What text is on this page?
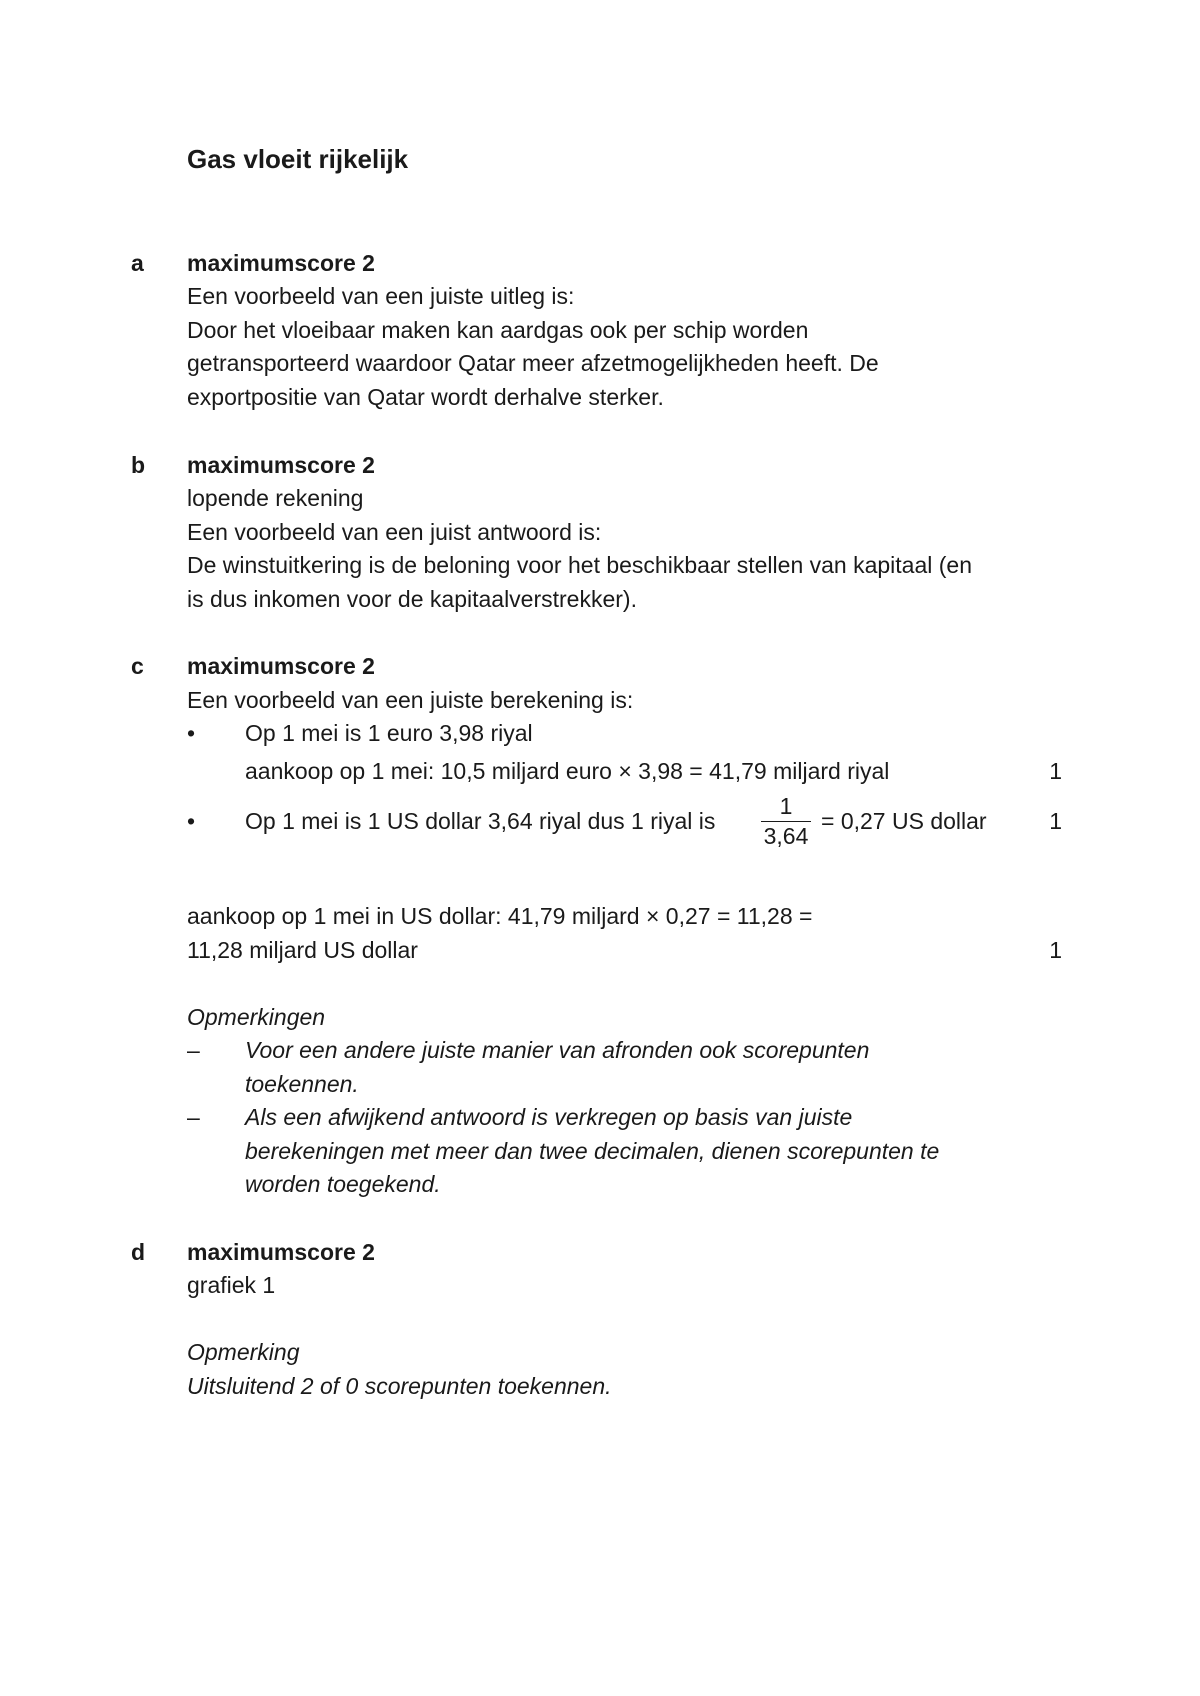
Gas vloeit rijkelijk
a maximumscore 2
Een voorbeeld van een juiste uitleg is:
Door het vloeibaar maken kan aardgas ook per schip worden
getransporteerd waardoor Qatar meer afzetmogelijkheden heeft. De
exportpositie van Qatar wordt derhalve sterker.
b maximumscore 2
lopende rekening
Een voorbeeld van een juist antwoord is:
De winstuitkering is de beloning voor het beschikbaar stellen van kapitaal (en
is dus inkomen voor de kapitaalverstrekker).
c maximumscore 2
Een voorbeeld van een juiste berekening is:
• Op 1 mei is 1 euro 3,98 riyal
aankoop op 1 mei: 10,5 miljard euro × 3,98 = 41,79 miljard riyal	1
• Op 1 mei is 1 US dollar 3,64 riyal dus 1 riyal is
1
3,64
= 0,27 US dollar	1
aankoop op 1 mei in US dollar: 41,79 miljard × 0,27 = 11,28 =
11,28 miljard US dollar	1
Opmerkingen
– Voor een andere juiste manier van afronden ook scorepunten
toekennen.
– Als een afwijkend antwoord is verkregen op basis van juiste
berekeningen met meer dan twee decimalen, dienen scorepunten te
worden toegekend.
d maximumscore 2
grafiek 1
Opmerking
Uitsluitend 2 of 0 scorepunten toekennen.
